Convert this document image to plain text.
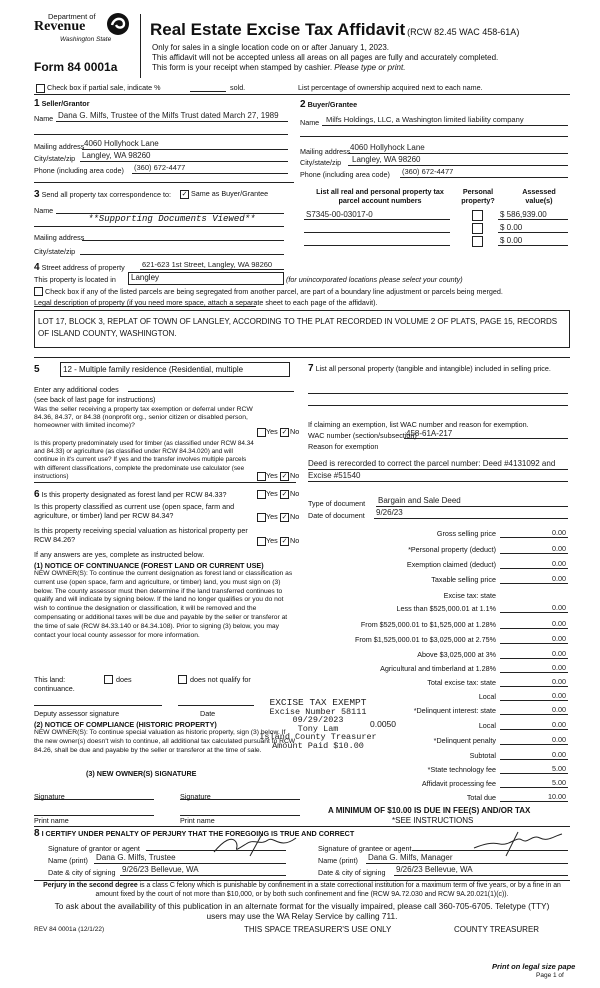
Department of
Revenue
Washington State
Form 84 0001a
Real Estate Excise Tax Affidavit (RCW 82.45 WAC 458-61A)
Only for sales in a single location code on or after January 1, 2023.
This affidavit will not be accepted unless all areas on all pages are fully and accurately completed.
This form is your receipt when stamped by cashier. Please type or print.
Check box if partial sale, indicate %	sold.	List percentage of ownership acquired next to each name.
1 Seller/Grantor
Name Dana G. Milfs, Trustee of the Milfs Trust dated March 27, 1989
Mailing address 4060 Hollyhock Lane
City/state/zip Langley, WA 98260
Phone (including area code) (360) 672-4477
2 Buyer/Grantee
Name Milfs Holdings, LLC, a Washington limited liability company
Mailing address 4060 Hollyhock Lane
City/state/zip Langley, WA 98260
Phone (including area code) (360) 672-4477
3 Send all property tax correspondence to: ✓ Same as Buyer/Grantee
Name
**Supporting Documents Viewed**
Mailing address
City/state/zip
List all real and personal property tax
parcel account numbers
Personal
property?
Assessed
value(s)
S7345-00-03017-0	$ 586,939.00
$ 0.00
$ 0.00
4 Street address of property 621-623 1st Street, Langley, WA 98260
This property is located in	Langley	(for unincorporated locations please select your county)
Check box if any of the listed parcels are being segregated from another parcel, are part of a boundary line adjustment or parcels being merged.
Legal description of property (if you need more space, attach a separate sheet to each page of the affidavit).
LOT 17, BLOCK 3, REPLAT OF TOWN OF LANGLEY, ACCORDING TO THE PLAT RECORDED IN VOLUME 2 OF PLATS, PAGE 15, RECORDS OF ISLAND COUNTY, WASHINGTON.
5	12 - Multiple family residence (Residential, multiple
Enter any additional codes
(see back of last page for instructions)
Was the seller receiving a property tax exemption or deferral under RCW 84.36, 84.37, or 84.38 (nonprofit org., senior citizen or disabled person, homeowner with limited income)?
Yes ✓ No
Is this property predominately used for timber (as classified under RCW 84.34 and 84.33) or agriculture (as classified under RCW 84.34.020) and will continue in it's current use? If yes and the transfer involves multiple parcels with different classifications, complete the predominate use calculator (see instructions)	Yes ✓ No
6 Is this property designated as forest land per RCW 84.33?	Yes ✓ No
Is this property classified as current use (open space, farm and agriculture, or timber) land per RCW 84.34?	Yes ✓ No
Is this property receiving special valuation as historical property per RCW 84.26?	Yes ✓ No
If any answers are yes, complete as instructed below.
(1) NOTICE OF CONTINUANCE (FOREST LAND OR CURRENT USE)
NEW OWNER(S): To continue the current designation as forest land or classification as current use (open space, farm and agriculture, or timber) land, you must sign on (3) below. The county assessor must then determine if the land transferred continues to qualify and will indicate by signing below. If the land no longer qualifies or you do not wish to continue the designation or classification, it will be removed and the compensating or additional taxes will be due and payable by the seller or transferor at the time of sale (RCW 84.33.140 or 84.34.108). Prior to signing (3) below, you may contact your local county assessor for more information.
This land:	does	does not qualify for
continuance.
Deputy assessor signature	Date
(2) NOTICE OF COMPLIANCE (HISTORIC PROPERTY)
NEW OWNER(S): To continue special valuation as historic property, sign (3) below. If the new owner(s) doesn't wish to continue, all additional tax calculated pursuant to RCW 84.26, shall be due and payable by the seller or transferor at the time of sale.
(3) NEW OWNER(S) SIGNATURE
Signature	Signature
Print name	Print name
7 List all personal property (tangible and intangible) included in selling price.
If claiming an exemption, list WAC number and reason for exemption.
WAC number (section/subsection)
458-61A-217
Reason for exemption
Deed is rerecorded to correct the parcel number: Deed #4131092 and Excise #51540
Type of document Bargain and Sale Deed
Date of document 9/26/23
Gross selling price	0.00
*Personal property (deduct)	0.00
Exemption claimed (deduct)	0.00
Taxable selling price	0.00
Excise tax: state
Less than $525,000.01 at 1.1%	0.00
From $525,000.01 to $1,525,000 at 1.28%	0.00
From $1,525,000.01 to $3,025,000 at 2.75%	0.00
Above $3,025,000 at 3%	0.00
Agricultural and timberland at 1.28%	0.00
Total excise tax: state	0.00
Local	0.00
*Delinquent interest: state	0.00
Local	0.00
*Delinquent penalty	0.00
Subtotal	0.00
*State technology fee	5.00
Affidavit processing fee	5.00
Total due	10.00
0.0050
EXCISE TAX EXEMPT
Excise Number 58111
09/29/2023
Tony Lam
Island County Treasurer
Amount Paid $10.00
A MINIMUM OF $10.00 IS DUE IN FEE(S) AND/OR TAX
*SEE INSTRUCTIONS
8 I CERTIFY UNDER PENALTY OF PERJURY THAT THE FOREGOING IS TRUE AND CORRECT
Signature of grantor or agent
Name (print) Dana G. Milfs, Trustee
Date & city of signing 9/26/23 Bellevue, WA
Signature of grantee or agent
Name (print) Dana G. Milfs, Manager
Date & city of signing 9/26/23 Bellevue, WA
Perjury in the second degree is a class C felony which is punishable by confinement in a state correctional institution for a maximum term of five years, or by a fine in an amount fixed by the court of not more than $10,000, or by both such confinement and fine (RCW 9A.72.030 and RCW 9A.20.021(1)(c)).
To ask about the availability of this publication in an alternate format for the visually impaired, please call 360-705-6705. Teletype (TTY) users may use the WA Relay Service by calling 711.
REV 84 0001a (12/1/22)	THIS SPACE TREASURER'S USE ONLY	COUNTY TREASURER
Print on legal size pape
Page 1 of
